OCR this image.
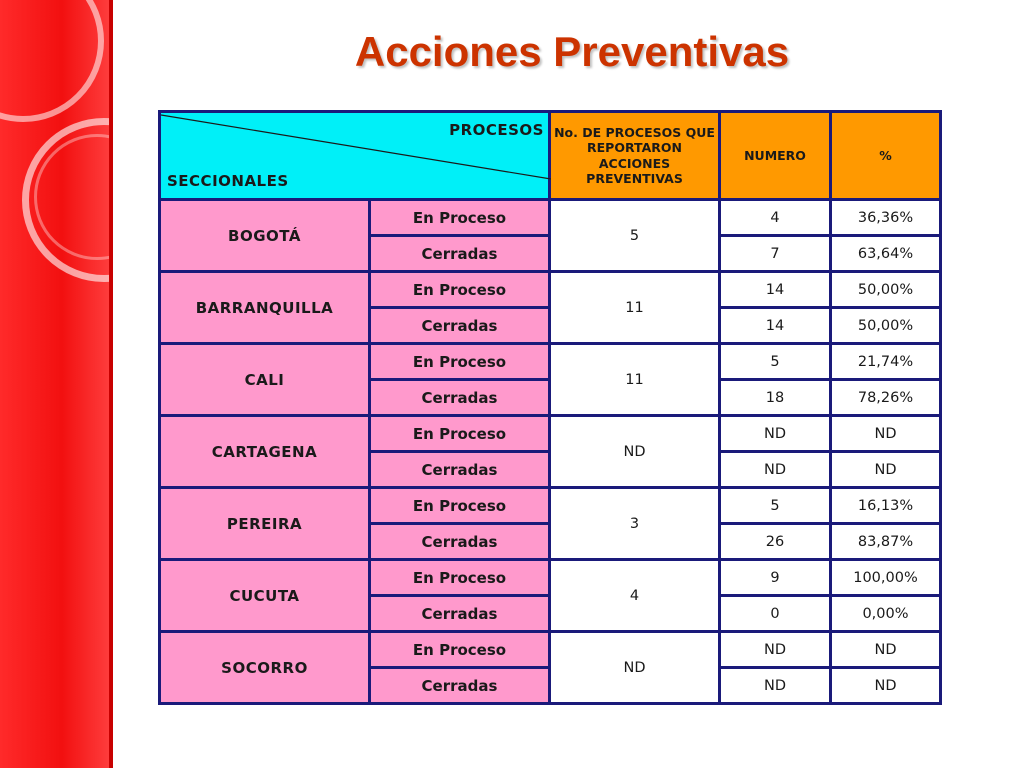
Acciones Preventivas
PROCESOS
SECCIONALES		No. DE PROCESOS QUE REPORTARON ACCIONES PREVENTIVAS	NUMERO	%
BOGOTÁ	En Proceso	5	4	36,36%
	Cerradas		7	63,64%
BARRANQUILLA	En Proceso	11	14	50,00%
	Cerradas		14	50,00%
CALI	En Proceso	11	5	21,74%
	Cerradas		18	78,26%
CARTAGENA	En Proceso	ND	ND	ND
	Cerradas		ND	ND
PEREIRA	En Proceso	3	5	16,13%
	Cerradas		26	83,87%
CUCUTA	En Proceso	4	9	100,00%
	Cerradas		0	0,00%
SOCORRO	En Proceso	ND	ND	ND
	Cerradas		ND	ND
